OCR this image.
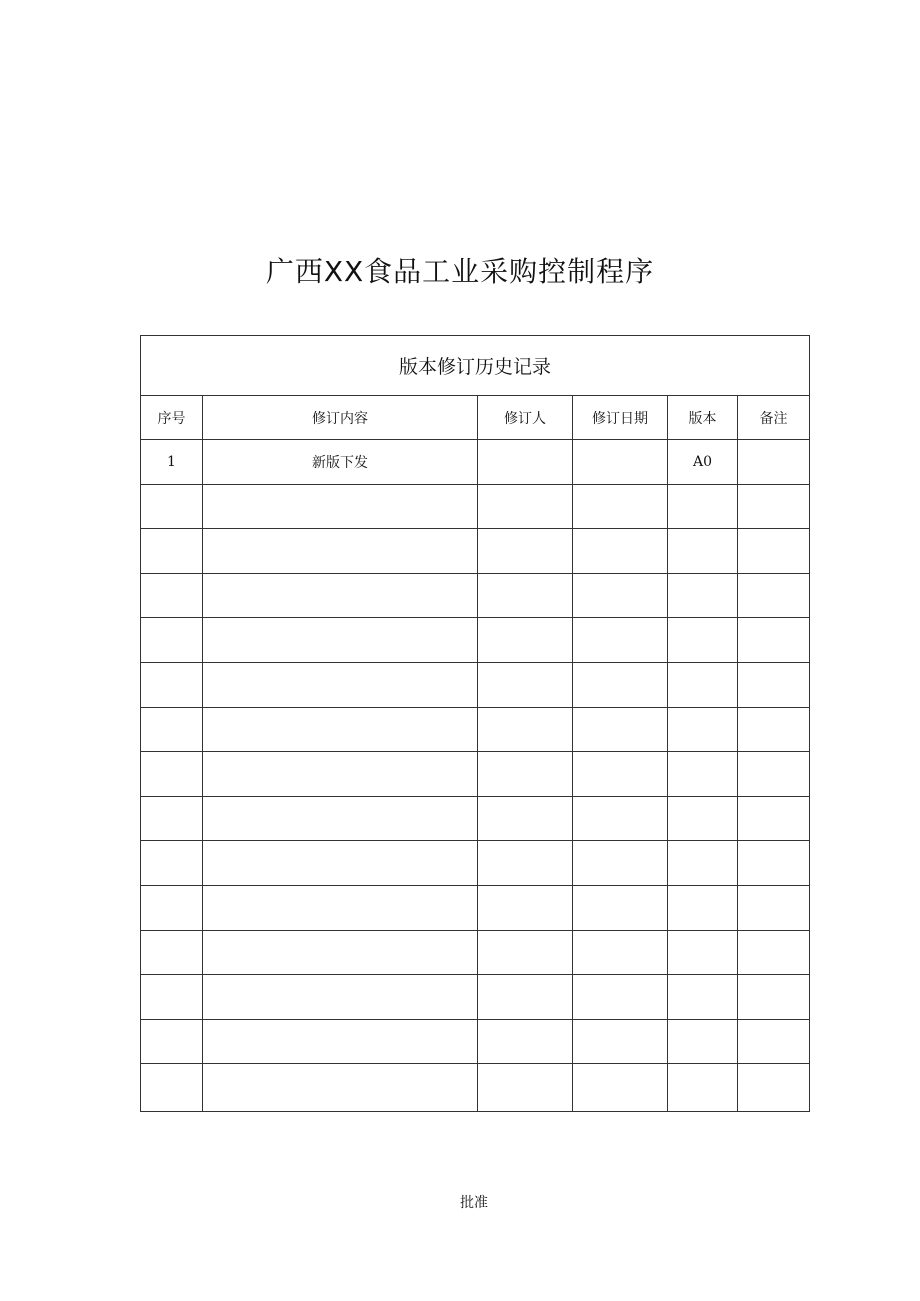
广西XX食品工业采购控制程序
版本修订历史记录					
序号	修订内容	修订人	修订日期	版本	备注
1	新版下发			A0	

批准
